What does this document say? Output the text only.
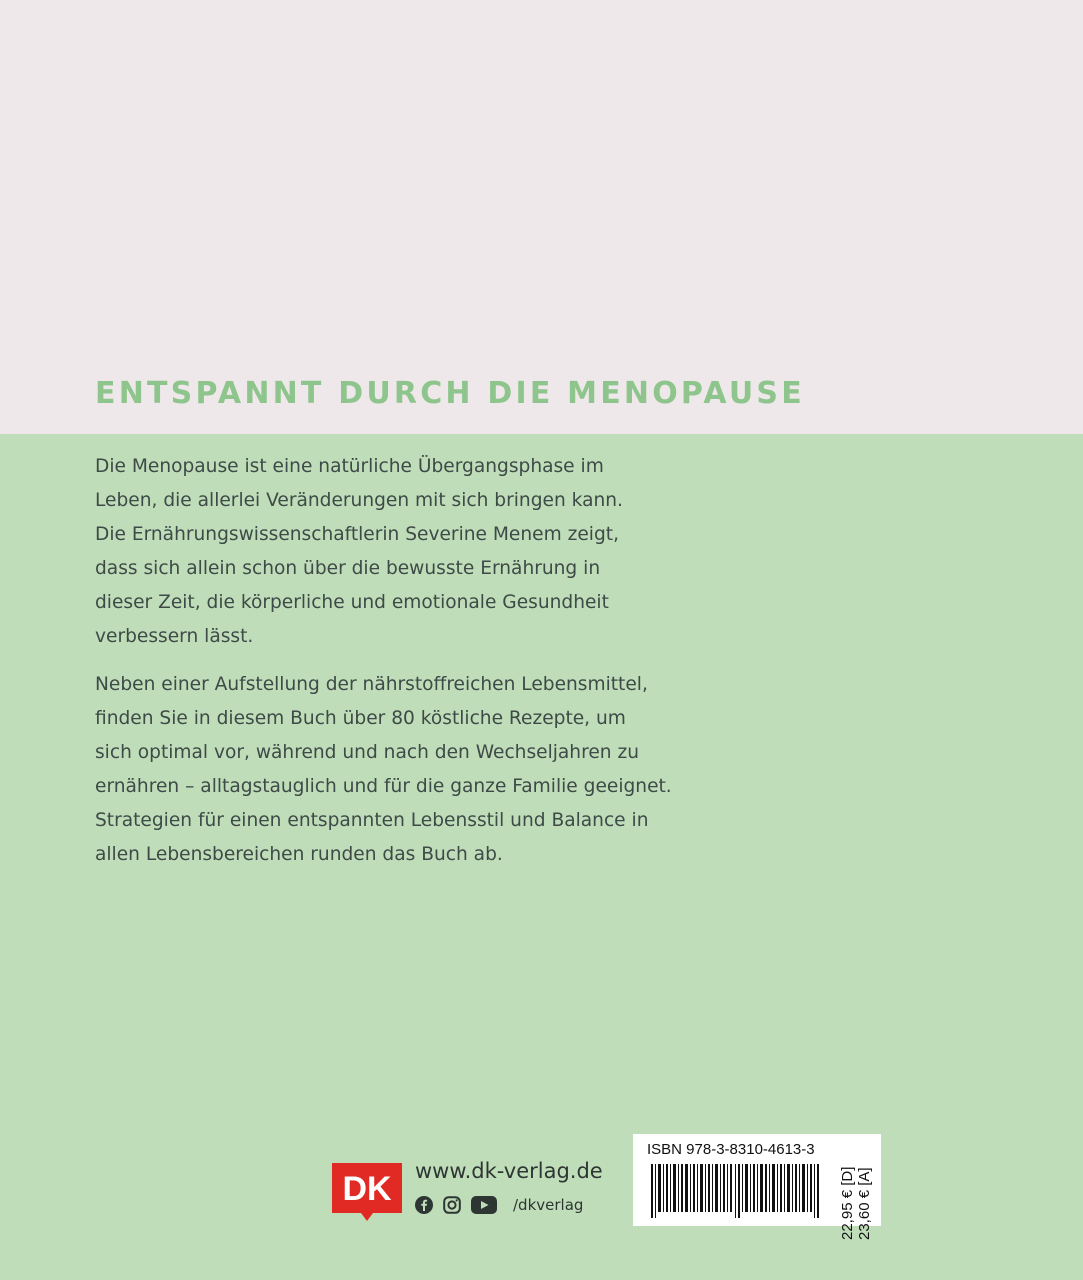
ENTSPANNT DURCH DIE MENOPAUSE

Die Menopause ist eine natürliche Übergangsphase im

Leben, die allerlei Veränderungen mit sich bringen kann.

Die Ernährungswissenschaftlerin Severine Menem zeigt,

dass sich allein schon über die bewusste Ernährung in

dieser Zeit, die körperliche und emotionale Gesundheit

verbessern lässt.

Neben einer Aufstellung der nährstoffreichen Lebensmittel,

finden Sie in diesem Buch über 80 köstliche Rezepte, um

sich optimal vor, während und nach den Wechseljahren zu

ernähren – alltagstauglich und für die ganze Familie geeignet.

Strategien für einen entspannten Lebensstil und Balance in

allen Lebensbereichen runden das Buch ab.

DK www.dk-verlag.de
/dkverlag
ISBN 978-3-8310-4613-3
22,95 € [D] 23,60 € [A]
